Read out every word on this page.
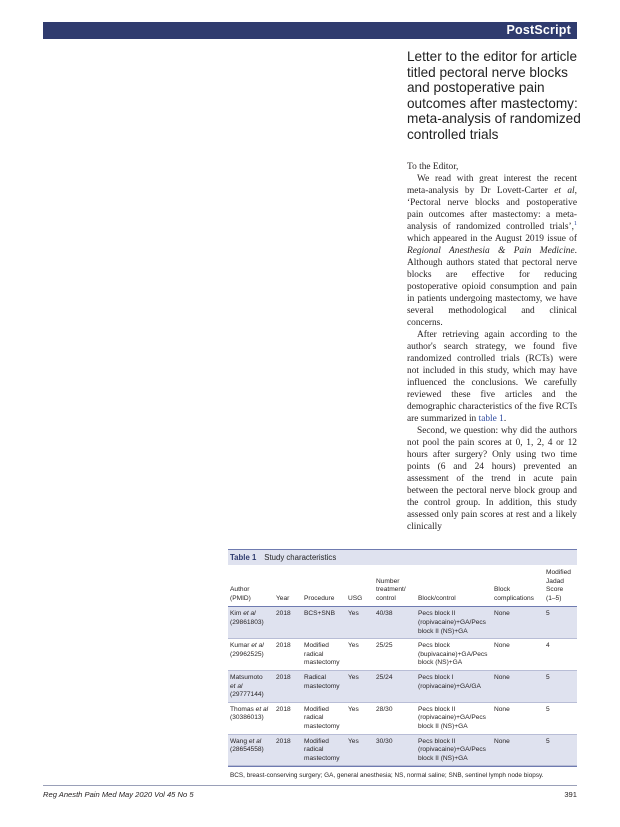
PostScript
Letter to the editor for article titled pectoral nerve blocks and postoperative pain outcomes after mastectomy: meta-analysis of randomized controlled trials

To the Editor,

We read with great interest the recent meta-analysis by Dr Lovett-Carter et al, ‘Pectoral nerve blocks and postoperative pain outcomes after mastectomy: a meta-analysis of randomized controlled trials’,$^1$ which appeared in the August 2019 issue of Regional Anesthesia & Pain Medicine. Although authors stated that pectoral nerve blocks are effective for reducing postoperative opioid consumption and pain in patients undergoing mastectomy, we have several methodological and clinical concerns.

After retrieving again according to the author's search strategy, we found five randomized controlled trials (RCTs) were not included in this study, which may have influenced the conclusions. We carefully reviewed these five articles and the demographic characteristics of the five RCTs are summarized in table 1.

Second, we question: why did the authors not pool the pain scores at 0, 1, 2, 4 or 12 hours after surgery? Only using two time points (6 and 24 hours) prevented an assessment of the trend in acute pain between the pectoral nerve block group and the control group. In addition, this study assessed only pain scores at rest and a likely clinically

Table 1 Study characteristics
Author
(PMID)	Year	Procedure	USG	Number
treatment/
control	Block/control	Block
complications	Modified
Jadad
Score
(1–5)
Kim et al
(29861803)	2018	BCS+SNB	Yes	40/38	Pecs block II
(ropivacaine)+GA/Pecs
block II (NS)+GA	None	5
Kumar et al
(29962525)	2018	Modified
radical
mastectomy	Yes	25/25	Pecs block
(bupivacaine)+GA/Pecs
block (NS)+GA	None	4
Matsumoto
et al
(29777144)	2018	Radical
mastectomy	Yes	25/24	Pecs block I
(ropivacaine)+GA/GA	None	5
Thomas et al
(30386013)	2018	Modified
radical
mastectomy	Yes	28/30	Pecs block II
(ropivacaine)+GA/Pecs
block II (NS)+GA	None	5
Wang et al
(28654558)	2018	Modified
radical
mastectomy	Yes	30/30	Pecs block II
(ropivacaine)+GA/Pecs
block II (NS)+GA	None	5
BCS, breast-conserving surgery; GA, general anesthesia; NS, normal saline; SNB, sentinel lymph node biopsy.
Reg Anesth Pain Med May 2020 Vol 45 No 5	391
